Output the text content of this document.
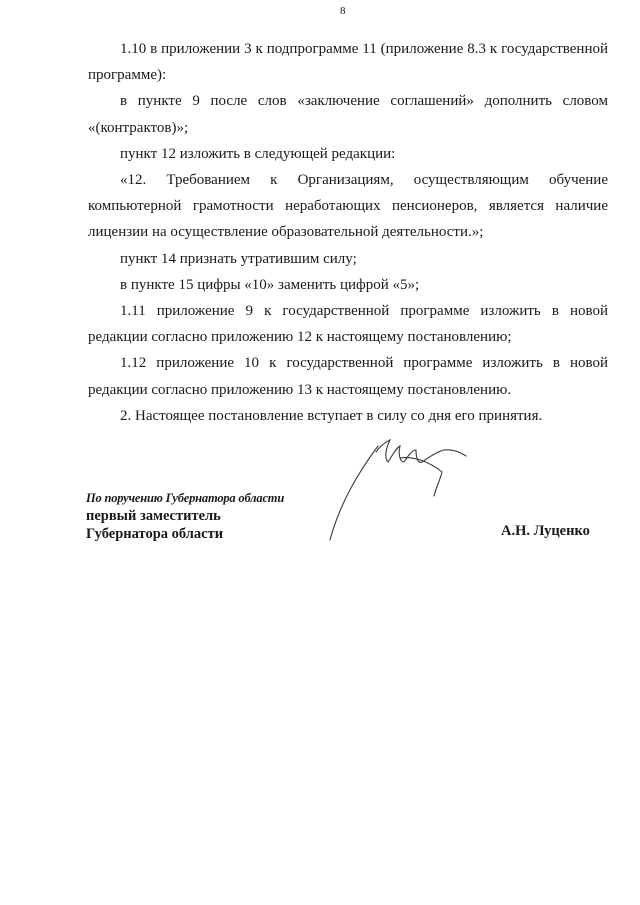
8

1.10 в приложении 3 к подпрограмме 11 (приложение 8.3 к государственной программе):

в пункте 9 после слов «заключение соглашений» дополнить словом «(контрактов)»;

пункт 12 изложить в следующей редакции:

«12. Требованием к Организациям, осуществляющим обучение компьютерной грамотности неработающих пенсионеров, является наличие лицензии на осуществление образовательной деятельности.»;

пункт 14 признать утратившим силу;

в пункте 15 цифры «10» заменить цифрой «5»;

1.11 приложение 9 к государственной программе изложить в новой редакции согласно приложению 12 к настоящему постановлению;

1.12 приложение 10 к государственной программе изложить в новой редакции согласно приложению 13 к настоящему постановлению.

2. Настоящее постановление вступает в силу со дня его принятия.

По поручению Губернатора области
первый заместитель
Губернатора области	А.Н. Луценко
